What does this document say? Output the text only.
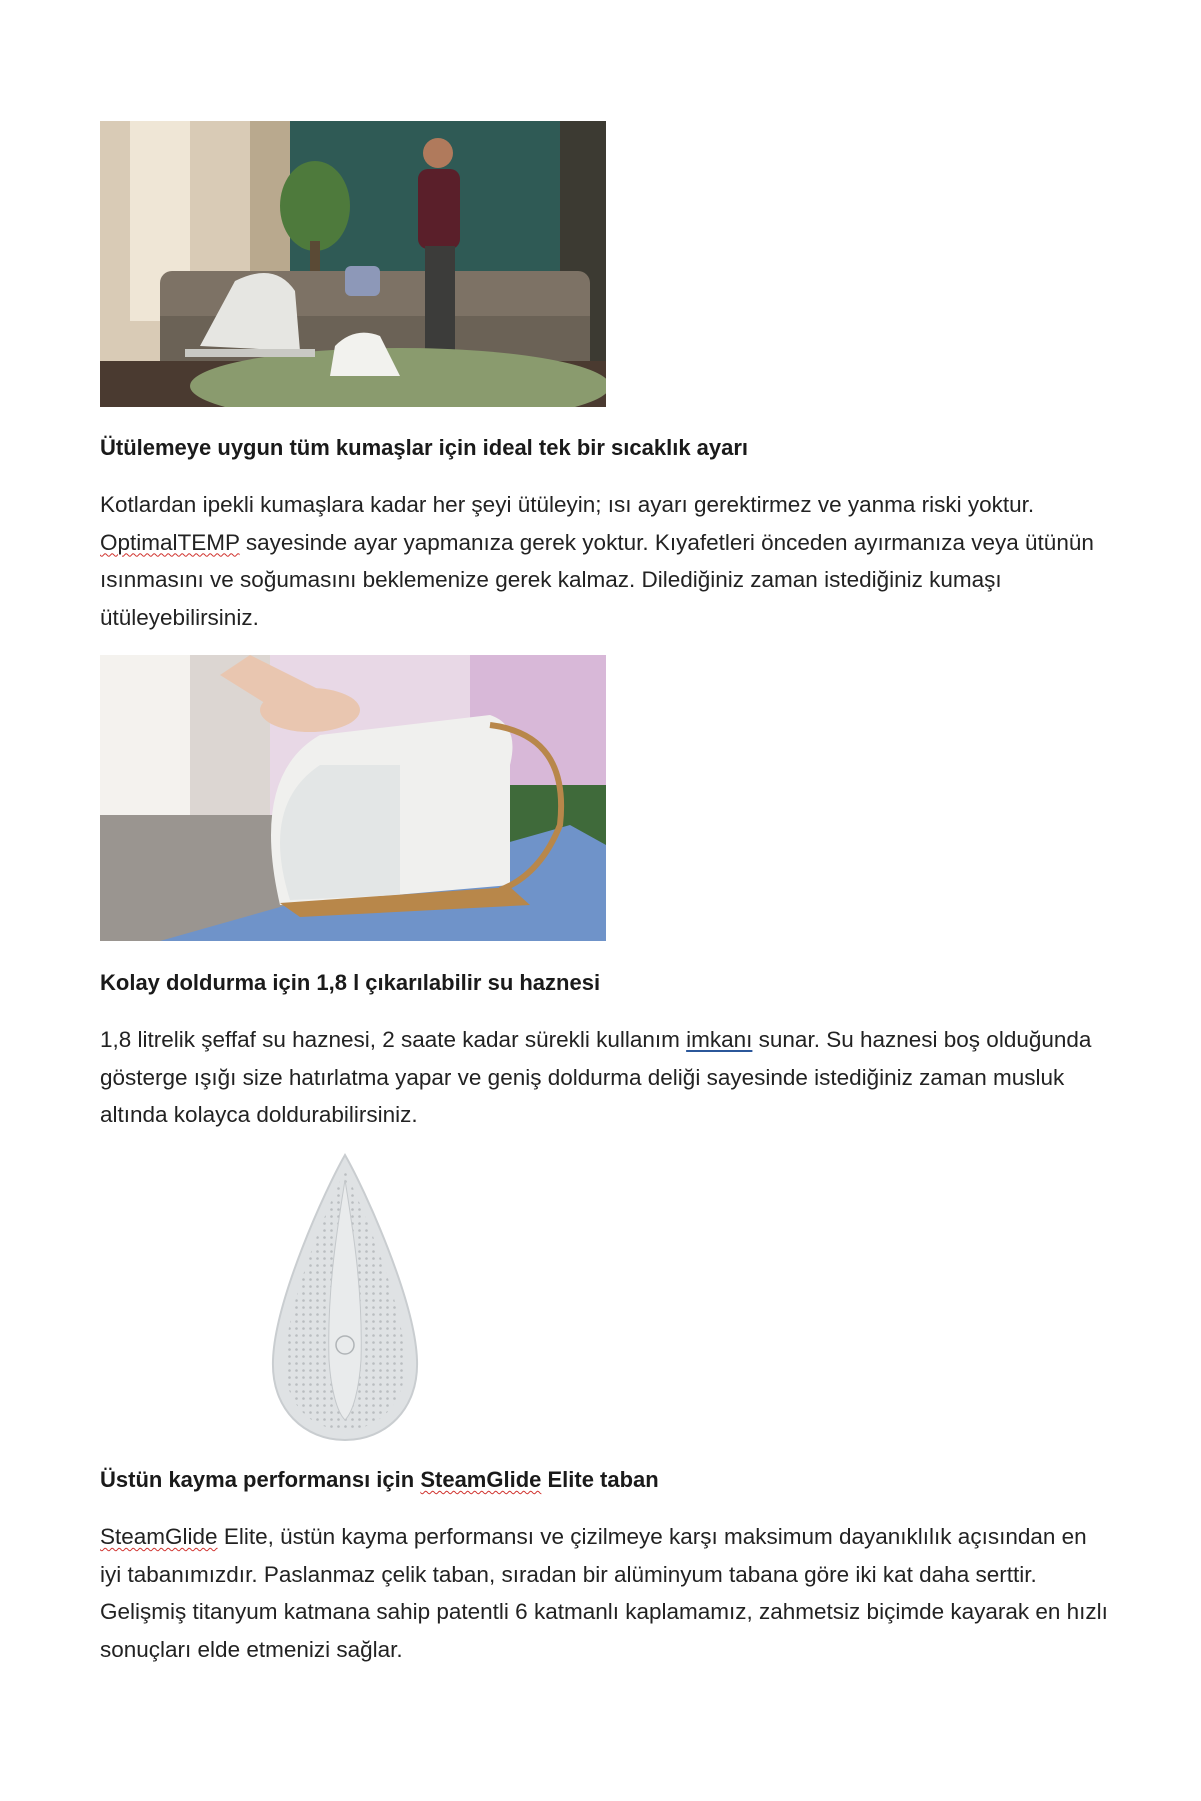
Ütülemeye uygun tüm kumaşlar için ideal tek bir sıcaklık ayarı

Kotlardan ipekli kumaşlara kadar her şeyi ütüleyin; ısı ayarı gerektirmez ve yanma riski yoktur. OptimalTEMP sayesinde ayar yapmanıza gerek yoktur. Kıyafetleri önceden ayırmanıza veya ütünün ısınmasını ve soğumasını beklemenize gerek kalmaz. Dilediğiniz zaman istediğiniz kumaşı ütüleyebilirsiniz.

Kolay doldurma için 1,8 l çıkarılabilir su haznesi

1,8 litrelik şeffaf su haznesi, 2 saate kadar sürekli kullanım imkanı sunar. Su haznesi boş olduğunda gösterge ışığı size hatırlatma yapar ve geniş doldurma deliği sayesinde istediğiniz zaman musluk altında kolayca doldurabilirsiniz.

Üstün kayma performansı için SteamGlide Elite taban

SteamGlide Elite, üstün kayma performansı ve çizilmeye karşı maksimum dayanıklılık açısından en iyi tabanımızdır. Paslanmaz çelik taban, sıradan bir alüminyum tabana göre iki kat daha serttir. Gelişmiş titanyum katmana sahip patentli 6 katmanlı kaplamamız, zahmetsiz biçimde kayarak en hızlı sonuçları elde etmenizi sağlar.
